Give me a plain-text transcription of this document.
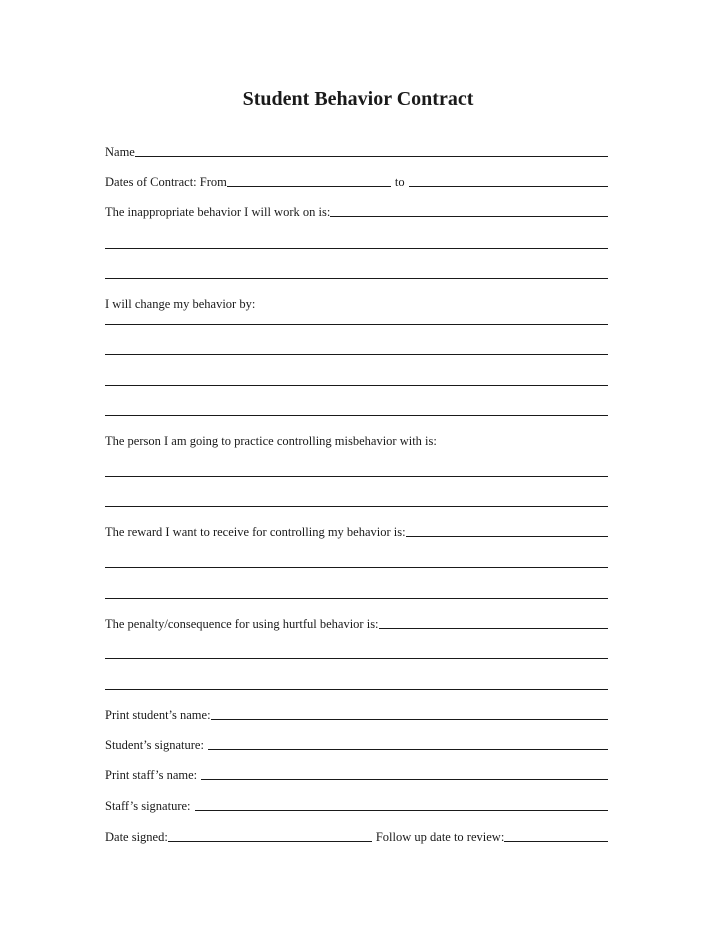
Student Behavior Contract
Name
Dates of Contract: From	to
The inappropriate behavior I will work on is:
I will change my behavior by:
The person I am going to practice controlling misbehavior with is:
The reward I want to receive for controlling my behavior is:
The penalty/consequence for using hurtful behavior is:
Print student’s name:
Student’s signature:
Print staff’s name:
Staff’s signature:
Date signed:	Follow up date to review:
